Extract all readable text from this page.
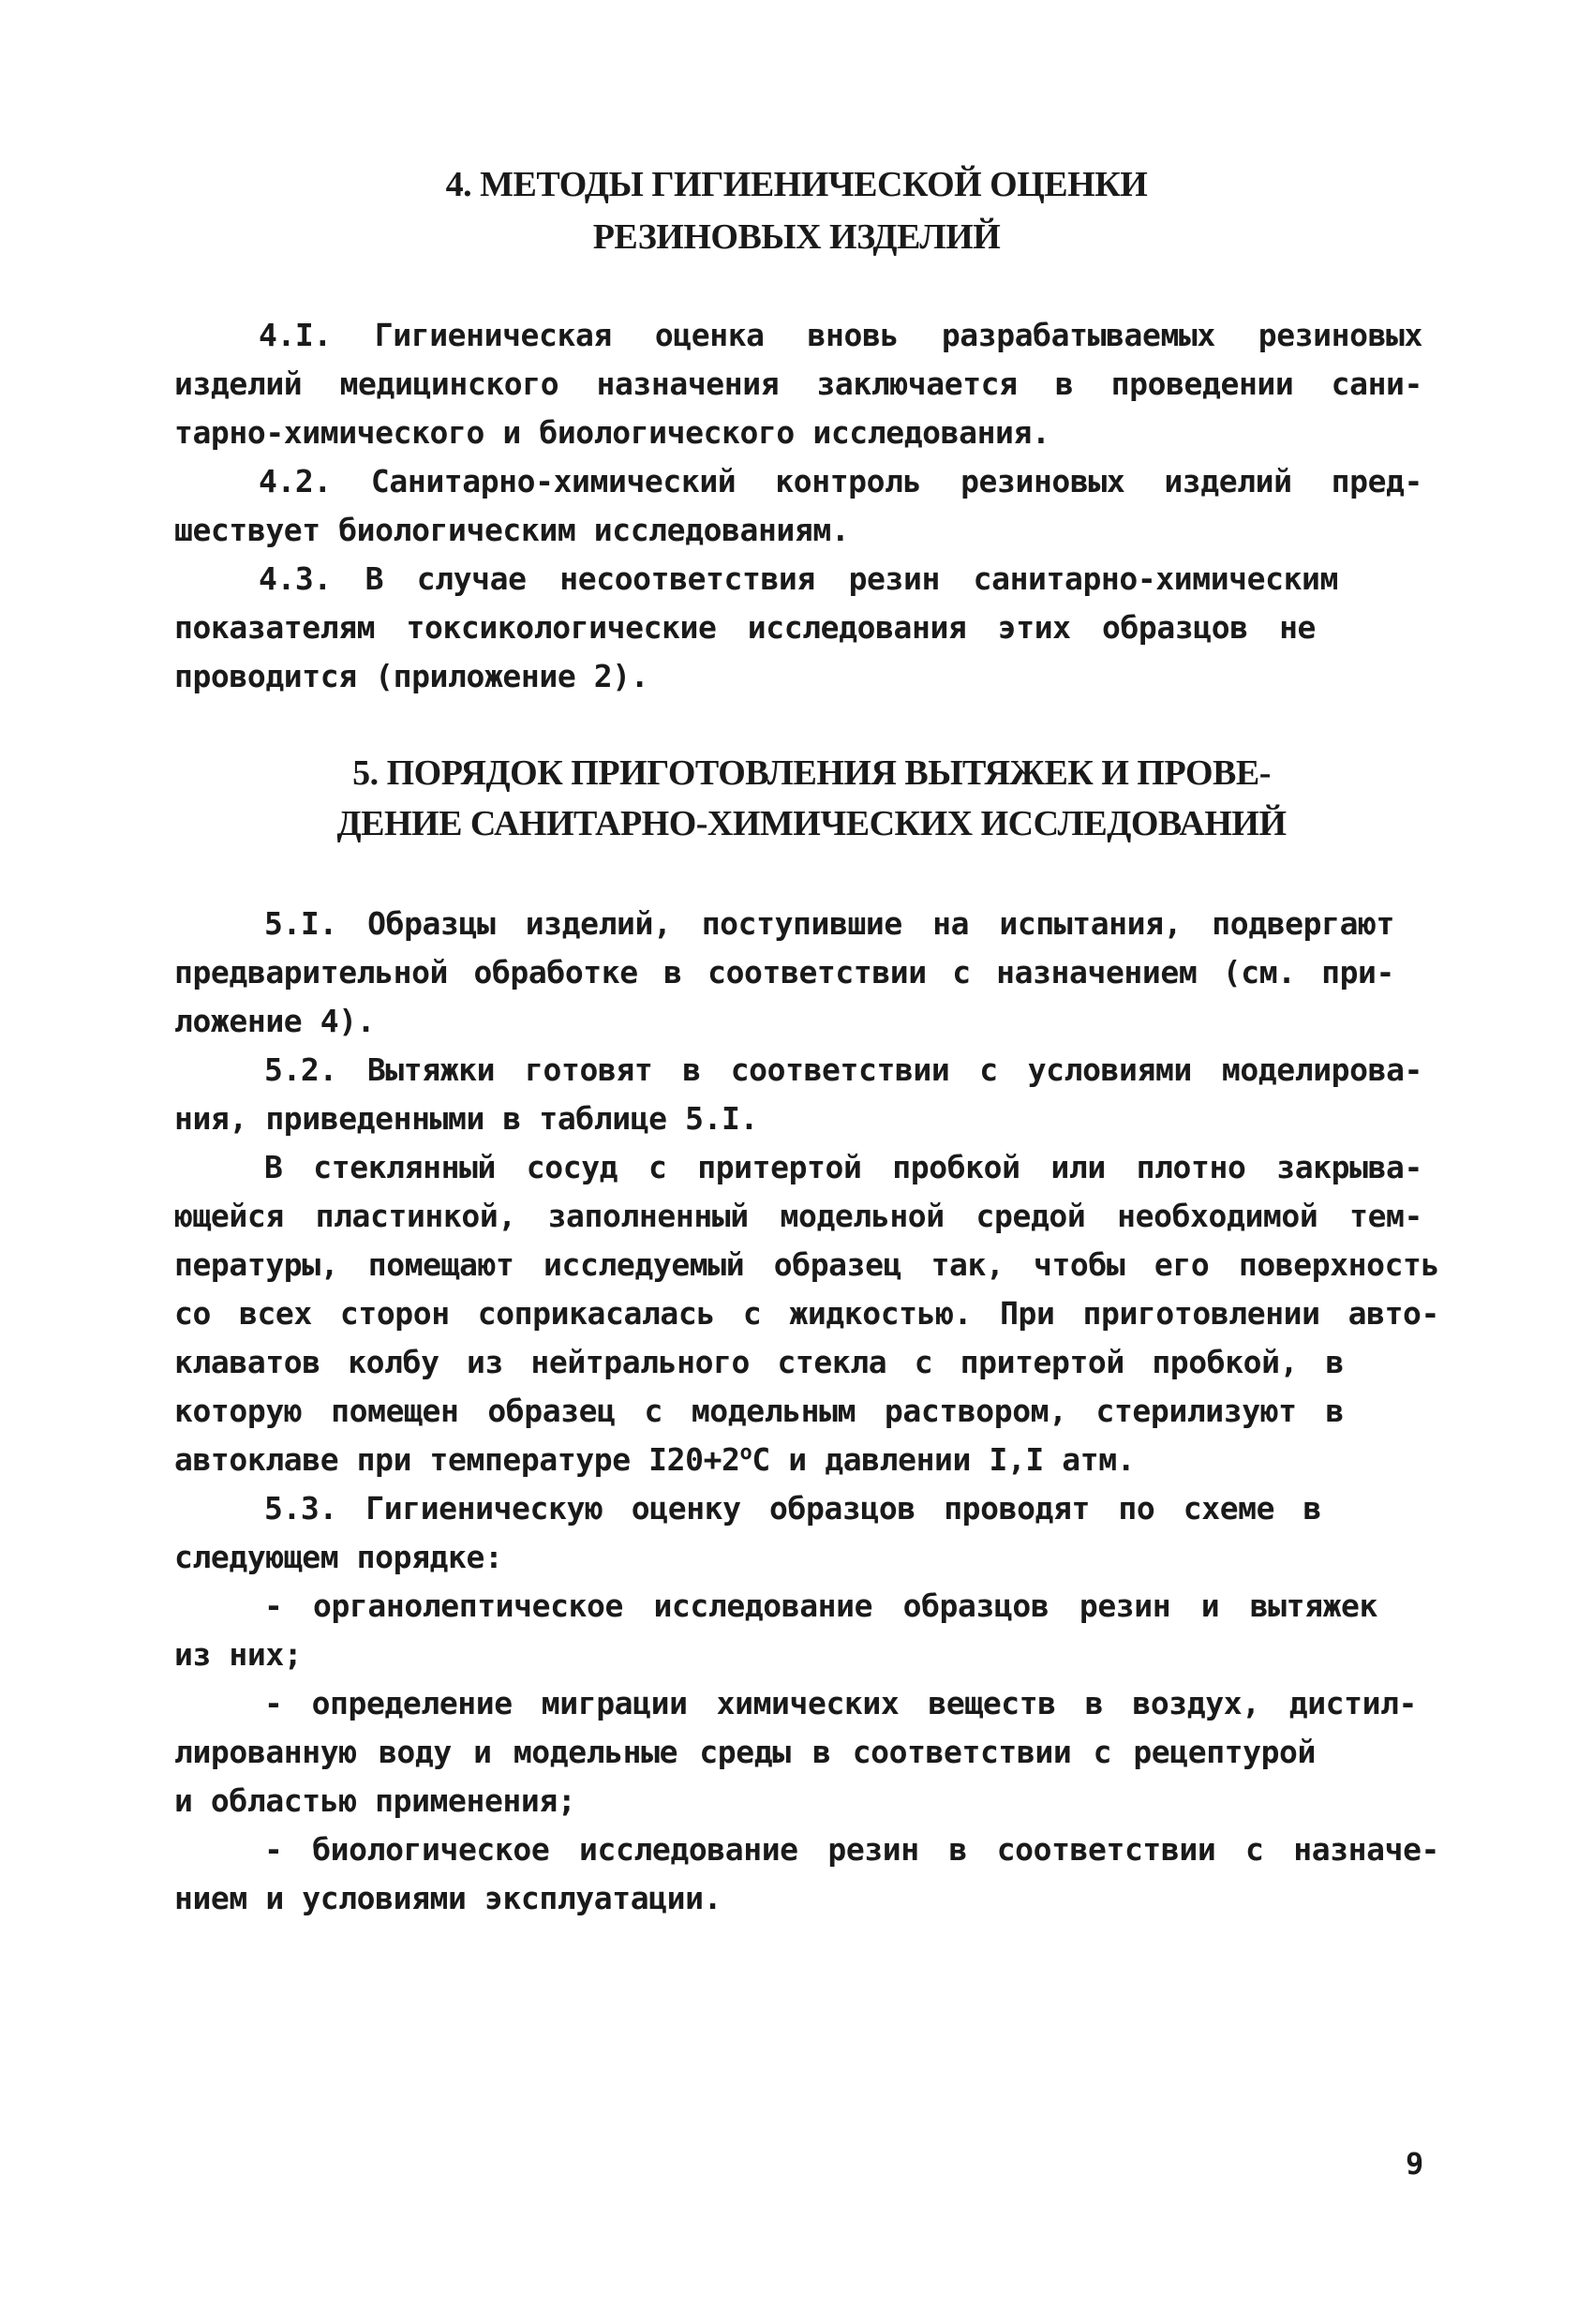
4. МЕТОДЫ ГИГИЕНИЧЕСКОЙ ОЦЕНКИ
РЕЗИНОВЫХ ИЗДЕЛИЙ

4.I. Гигиеническая оценка вновь разрабатываемых резиновых

изделий медицинского назначения заключается в проведении сани-

тарно-химического и биологического исследования.

4.2. Санитарно-химический контроль резиновых изделий пред-

шествует биологическим исследованиям.

4.3. В случае несоответствия резин санитарно-химическим

показателям токсикологические исследования этих образцов не

проводится (приложение 2).

5. ПОРЯДОК ПРИГОТОВЛЕНИЯ ВЫТЯЖЕК И ПРОВЕ-
ДЕНИЕ САНИТАРНО-ХИМИЧЕСКИХ ИССЛЕДОВАНИЙ

5.I. Образцы изделий, поступившие на испытания, подвергают

предварительной обработке в соответствии с назначением (см. при-

ложение 4).

5.2. Вытяжки готовят в соответствии с условиями моделирова-

ния, приведенными в таблице 5.I.

В стеклянный сосуд с притертой пробкой или плотно закрыва-

ющейся пластинкой, заполненный модельной средой необходимой тем-

пературы, помещают исследуемый образец так, чтобы его поверхность

со всех сторон соприкасалась с жидкостью. При приготовлении авто-

клаватов колбу из нейтрального стекла с притертой пробкой, в

которую помещен образец с модельным раствором, стерилизуют в

автоклаве при температуре $I20+2^oC$ и давлении I,I атм.

5.3. Гигиеническую оценку образцов проводят по схеме в

следующем порядке:

- органолептическое исследование образцов резин и вытяжек

из них;

- определение миграции химических веществ в воздух, дистил-

лированную воду и модельные среды в соответствии с рецептурой

и областью применения;

- биологическое исследование резин в соответствии с назначе-

нием и условиями эксплуатации.

9
